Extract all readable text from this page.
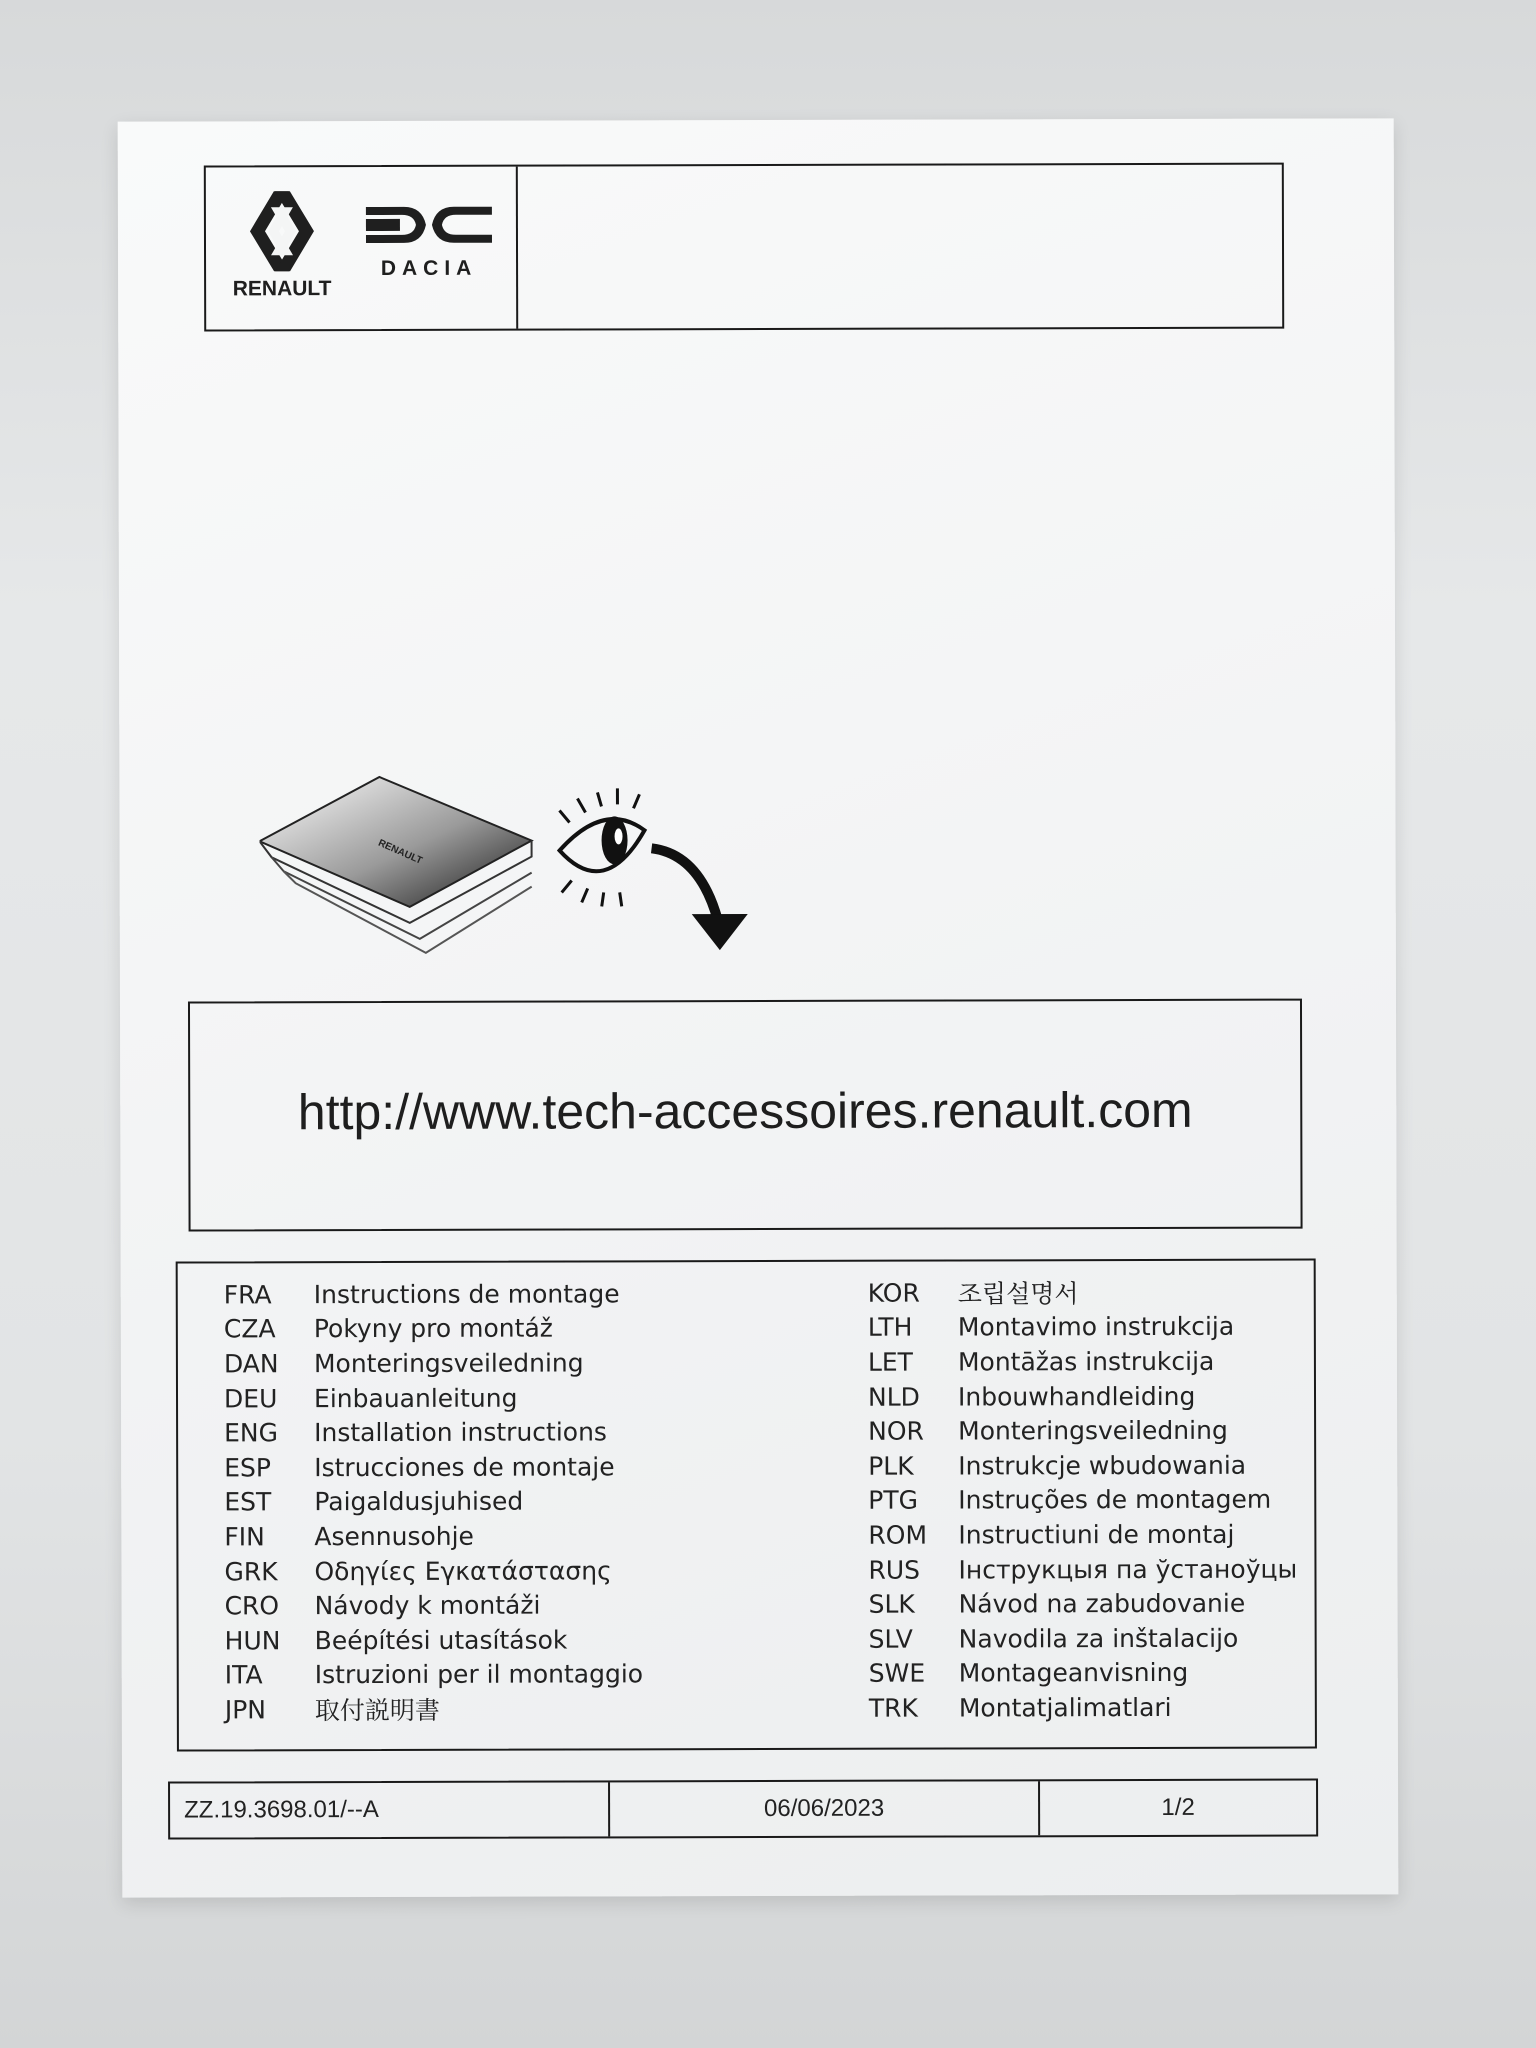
RENAULT
DACIA
RENAULT
http://www.tech-accessoires.renault.com
FRA	Instructions de montage
CZA	Pokyny pro montáž
DAN	Monteringsveiledning
DEU	Einbauanleitung
ENG	Installation instructions
ESP	Istrucciones de montaje
EST	Paigaldusjuhised
FIN	Asennusohje
GRK	Οδηγίες Εγκατάστασης
CRO	Návody k montáži
HUN	Beépítési utasítások
ITA	Istruzioni per il montaggio
JPN	取付説明書
KOR	조립설명서
LTH	Montavimo instrukcija
LET	Montāžas instrukcija
NLD	Inbouwhandleiding
NOR	Monteringsveiledning
PLK	Instrukcje wbudowania
PTG	Instruções de montagem
ROM	Instructiuni de montaj
RUS	Інструкцыя па ўстаноўцы
SLK	Návod na zabudovanie
SLV	Navodila za inštalacijo
SWE	Montageanvisning
TRK	Montatjalimatlari
ZZ.19.3698.01/--A	06/06/2023	1/2
